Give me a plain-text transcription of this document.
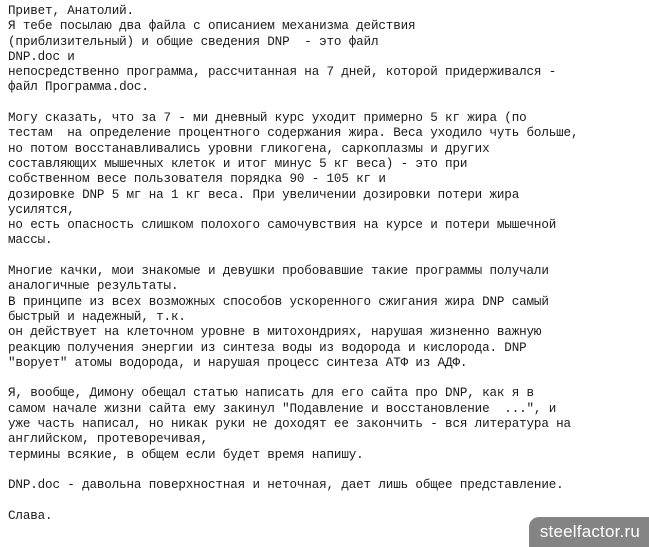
Привет, Анатолий.
Я тебе посылаю два файла с описанием механизма действия
(приблизительный) и общие сведения DNP  - это файл
DNP.doc и
непосредственно программа, рассчитанная на 7 дней, которой придерживался -
файл Программа.doc.
Могу сказать, что за 7 - ми дневный курс уходит примерно 5 кг жира (по
тестам  на определение процентного содержания жира. Веса уходило чуть больше,
но потом восстанавливались уровни гликогена, саркоплазмы и других
составляющих мышечных клеток и итог минус 5 кг веса) - это при
собственном весе пользователя порядка 90 - 105 кг и
дозировке DNP 5 мг на 1 кг веса. При увеличении дозировки потери жира
усилятся,
но есть опасность слишком полохого самочувствия на курсе и потери мышечной
массы.
Многие качки, мои знакомые и девушки пробовавшие такие программы получали
аналогичные результаты.
В принципе из всех возможных способов ускоренного сжигания жира DNP самый
быстрый и надежный, т.к.
он действует на клеточном уровне в митохондриях, нарушая жизненно важную
реакцию получения энергии из синтеза воды из водорода и кислорода. DNP
"ворует" атомы водорода, и нарушая процесс синтеза АТФ из АДФ.
Я, вообще, Димону обещал статью написать для его сайта про DNP, как я в
самом начале жизни сайта ему закинул "Подавление и восстановление  ...", и
уже часть написал, но никак руки не доходят ее закончить - вся литература на
английском, протеворечивая,
термины всякие, в общем если будет время напишу.
DNP.doc - давольна поверхностная и неточная, дает лишь общее представление.
Слава.
steelfactor.ru
